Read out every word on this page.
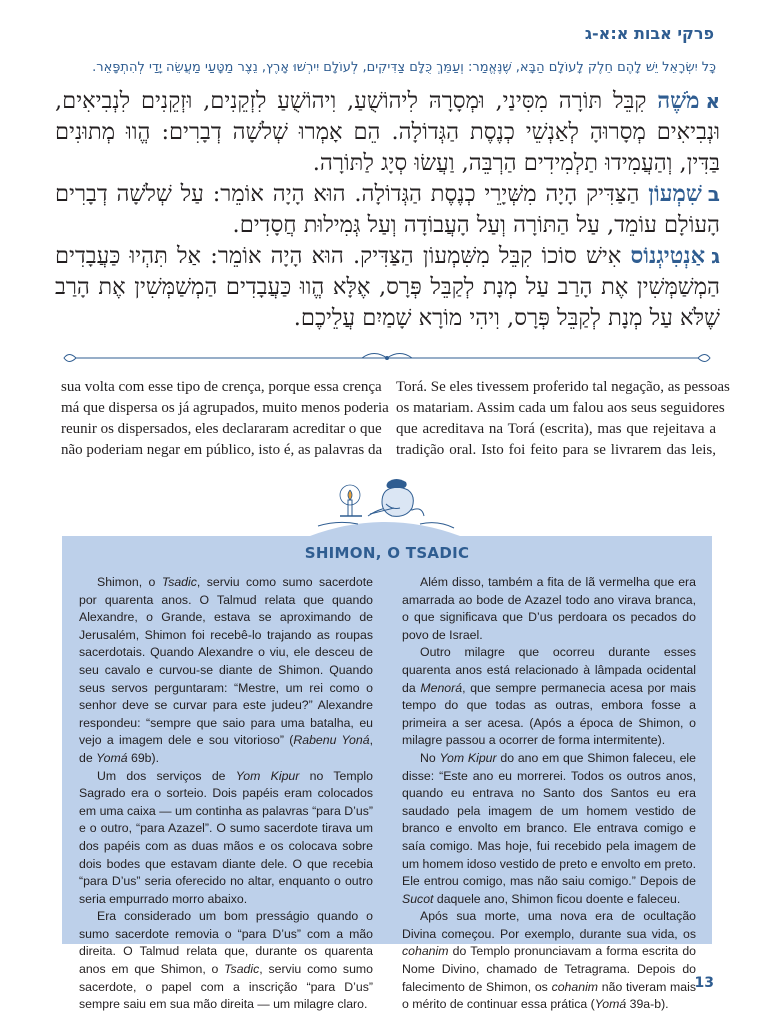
פרקי אבות א:א-ג
כָּל יִשְׂרָאֵל יֵשׁ לָהֶם חֵלֶק לָעוֹלָם הַבָּא, שֶׁנֶּאֱמַר: וְעַמֵּךְ כֻּלָּם צַדִּיקִים, לְעוֹלָם יִירְשׁוּ אָרֶץ, נֵצֶר מַטָּעַי מַעֲשֵׂה יָדַי לְהִתְפָּאֵר.

אמֹשֶׁה קִבֵּל תּוֹרָה מִסִּינַי, וּמְסָרָהּ לִיהוֹשֻׁעַ, וִיהוֹשֻׁעַ לִזְקֵנִים, וּזְקֵנִים לִנְבִיאִים, וּנְבִיאִים מְסָרוּהָ לְאַנְשֵׁי כְנֶסֶת הַגְּדוֹלָה. הֵם אָמְרוּ שְׁלֹשָׁה דְבָרִים: הֱווּ מְתוּנִים בַּדִּין, וְהַעֲמִידוּ תַלְמִידִים הַרְבֵּה, וַעֲשׂוּ סְיָג לַתּוֹרָה.

בשִׁמְעוֹן הַצַּדִּיק הָיָה מִשְּׁיָרֵי כְנֶסֶת הַגְּדוֹלָה. הוּא הָיָה אוֹמֵר: עַל שְׁלֹשָׁה דְבָרִים הָעוֹלָם עוֹמֵד, עַל הַתּוֹרָה וְעַל הָעֲבוֹדָה וְעַל גְּמִילוּת חֲסָדִים.

גאַנְטִיגְנוֹס אִישׁ סוֹכוֹ קִבֵּל מִשִּׁמְעוֹן הַצַּדִּיק. הוּא הָיָה אוֹמֵר: אַל תִּהְיוּ כַּעֲבָדִים הַמְשַׁמְּשִׁין אֶת הָרַב עַל מְנָת לְקַבֵּל פְּרָס, אֶלָּא הֱווּ כַּעֲבָדִים הַמְשַׁמְּשִׁין אֶת הָרַב שֶׁלֹּא עַל מְנָת לְקַבֵּל פְּרָס, וִיהִי מוֹרָא שָׁמַיִם עֲלֵיכֶם.

sua volta com esse tipo de crença, porque essa crença
má que dispersa os já agrupados, muito menos poderia
reunir os dispersados, eles declararam acreditar o que
não poderiam negar em público, isto é, as palavras da
Torá. Se eles tivessem proferido tal negação, as pessoas
os matariam. Assim cada um falou aos seus seguidores
que acreditava na Torá (escrita), mas que rejeitava a
tradição oral. Isto foi feito para se livrarem das leis,
SHIMON, O TSADIC

Shimon, o Tsadic, serviu como sumo sacerdote por quarenta anos. O Talmud relata que quando Alexandre, o Grande, estava se aproximando de Jerusalém, Shimon foi recebê-lo trajando as roupas sacerdotais. Quando Alexandre o viu, ele desceu de seu cavalo e curvou-se diante de Shimon. Quando seus servos perguntaram: “Mestre, um rei como o senhor deve se curvar para este judeu?” Alexandre respondeu: “sempre que saio para uma batalha, eu vejo a imagem dele e sou vitorioso” (Rabenu Yoná, de Yomá 69b).

Um dos serviços de Yom Kipur no Templo Sagrado era o sorteio. Dois papéis eram colocados em uma caixa — um continha as palavras “para D’us” e o outro, “para Azazel”. O sumo sacerdote tirava um dos papéis com as duas mãos e os colocava sobre dois bodes que estavam diante dele. O que recebia “para D’us” seria oferecido no altar, enquanto o outro seria empurrado morro abaixo.

Era considerado um bom presságio quando o sumo sacerdote removia o “para D’us” com a mão direita. O Talmud relata que, durante os quarenta anos em que Shimon, o Tsadic, serviu como sumo sacerdote, o papel com a inscrição “para D’us” sempre saiu em sua mão direita — um milagre claro.

Além disso, também a fita de lã vermelha que era amarrada ao bode de Azazel todo ano virava branca, o que significava que D’us perdoara os pecados do povo de Israel.

Outro milagre que ocorreu durante esses quarenta anos está relacionado à lâmpada ocidental da Menorá, que sempre permanecia acesa por mais tempo do que todas as outras, embora fosse a primeira a ser acesa. (Após a época de Shimon, o milagre passou a ocorrer de forma intermitente).

No Yom Kipur do ano em que Shimon faleceu, ele disse: “Este ano eu morrerei. Todos os outros anos, quando eu entrava no Santo dos Santos eu era saudado pela imagem de um homem vestido de branco e envolto em branco. Ele entrava comigo e saía comigo. Mas hoje, fui recebido pela imagem de um homem idoso vestido de preto e envolto em preto. Ele entrou comigo, mas não saiu comigo.” Depois de Sucot daquele ano, Shimon ficou doente e faleceu.

Após sua morte, uma nova era de ocultação Divina começou. Por exemplo, durante sua vida, os cohanim do Templo pronunciavam a forma escrita do Nome Divino, chamado de Tetragrama. Depois do falecimento de Shimon, os cohanim não tiveram mais o mérito de continuar essa prática (Yomá 39a-b).

13
